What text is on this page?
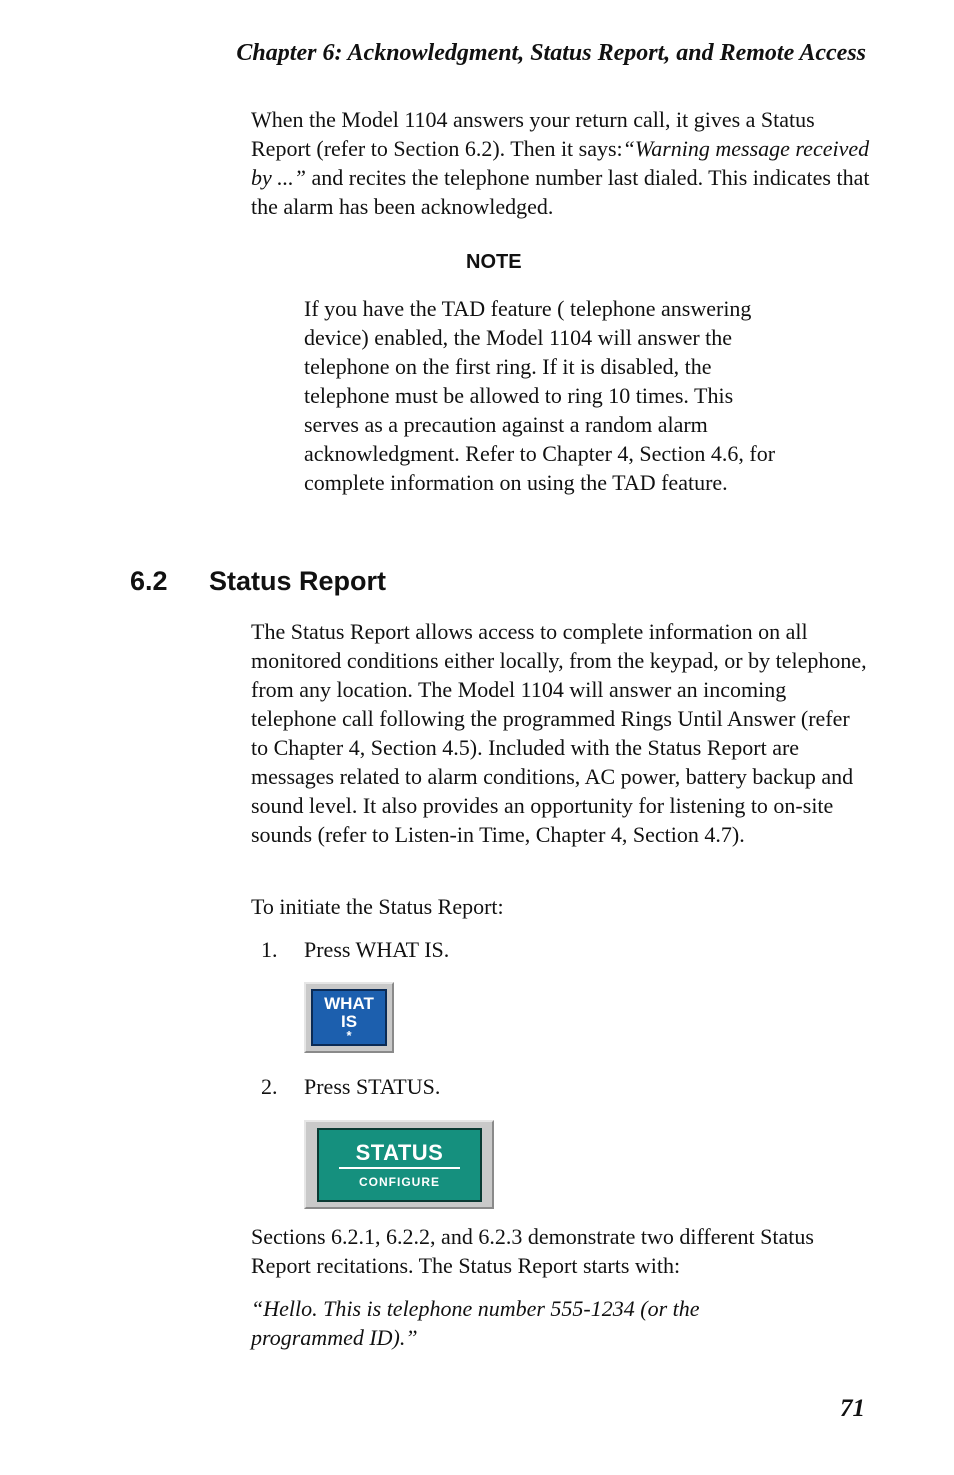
Chapter 6: Acknowledgment, Status Report, and Remote Access

When the Model 1104 answers your return call, it gives a Status Report (refer to Section 6.2). Then it says:“Warning message received by ...” and recites the telephone number last dialed. This indicates that the alarm has been acknowledged.

NOTE

If you have the TAD feature ( telephone answering device) enabled, the Model 1104 will answer the telephone on the first ring. If it is disabled, the telephone must be allowed to ring 10 times. This serves as a precaution against a random alarm acknowledgment. Refer to Chapter 4, Section 4.6, for complete information on using the TAD feature.

6.2 Status Report

The Status Report allows access to complete information on all monitored conditions either locally, from the keypad, or by telephone, from any location. The Model 1104 will answer an incoming telephone call following the programmed Rings Until Answer (refer to Chapter 4, Section 4.5). Included with the Status Report are messages related to alarm conditions, AC power, battery backup and sound level. It also provides an opportunity for listening to on-site sounds (refer to Listen-in Time, Chapter 4, Section 4.7).

To initiate the Status Report:

1. Press WHAT IS.
WHAT
IS
*
2. Press STATUS.
STATUS
CONFIGURE

Sections 6.2.1, 6.2.2, and 6.2.3 demonstrate two different Status Report recitations. The Status Report starts with:

“Hello. This is telephone number 555-1234 (or the programmed ID).”

71
